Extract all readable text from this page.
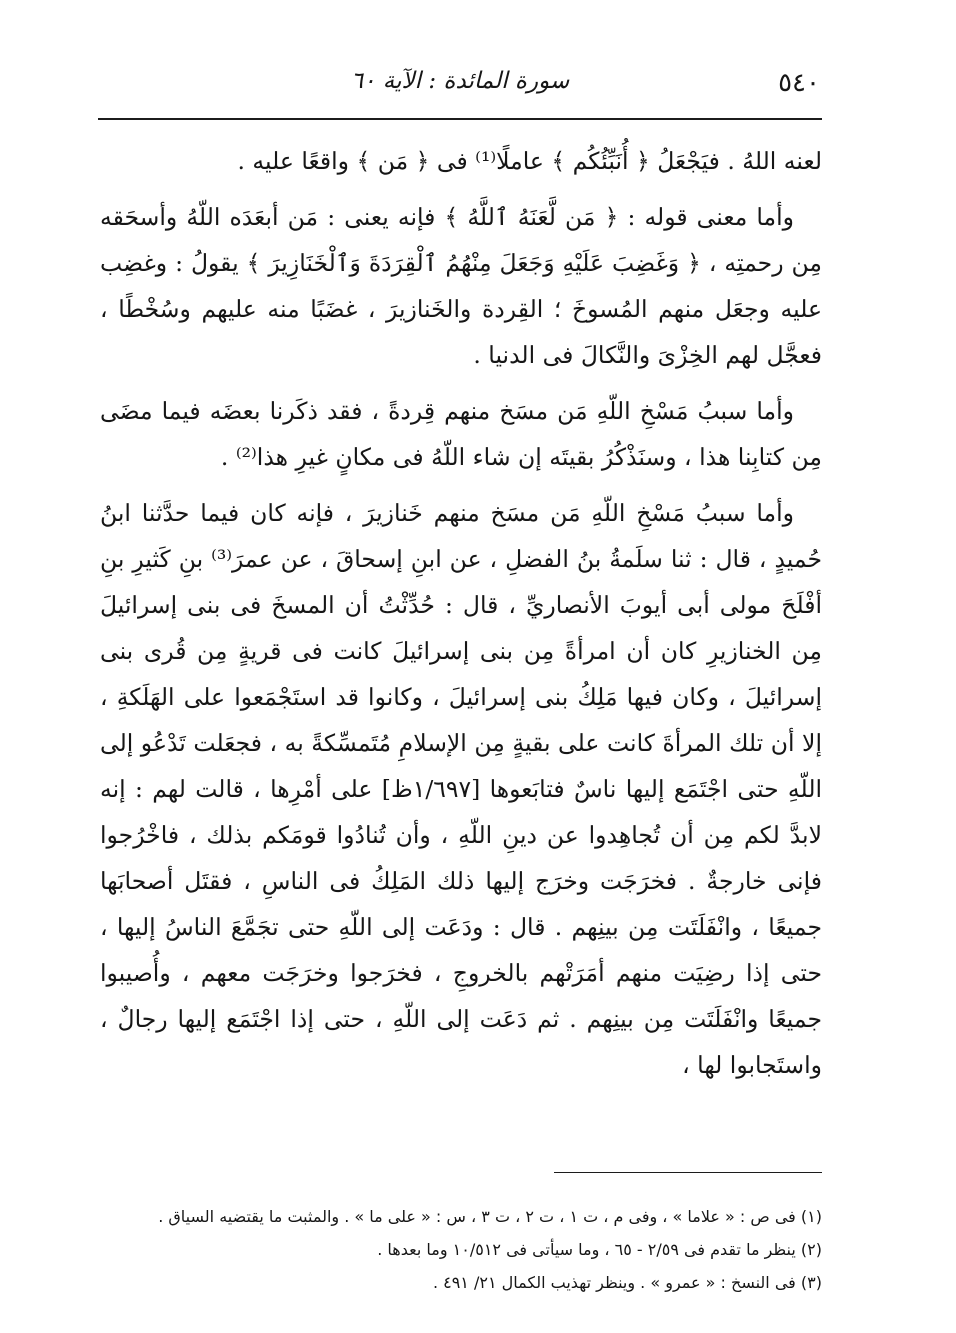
٥٤٠
سورة المائدة : الآية ٦٠

لعنه اللهُ . فيَجْعَلُ ﴿ أُنَبِّئُكُم ﴾ عاملًا⁽¹⁾ فى ﴿ مَن ﴾ واقعًا عليه .

وأما معنى قوله : ﴿ مَن لَّعَنَهُ ٱللَّهُ ﴾ فإنه يعنى : مَن أبعَدَه اللّهُ وأسحَقه مِن رحمتِه ، ﴿ وَغَضِبَ عَلَيْهِ وَجَعَلَ مِنْهُمُ ٱلْقِرَدَةَ وَٱلْخَنَازِيرَ ﴾ يقولُ : وغضِب عليه وجعَل منهم المُسوخَ ؛ القِردة والخَنازيرَ ، غضَبًا منه عليهم وسُخْطًا ، فعجَّل لهم الخِزْىَ والنَّكالَ فى الدنيا .

وأما سببُ مَسْخِ اللّهِ مَن مسَخ منهم قِردةً ، فقد ذكَرنا بعضَه فيما مضَى مِن كتابِنا هذا ، وسنَذْكُرُ بقيتَه إن شاء اللّهُ فى مكانٍ غيرِ هذا⁽²⁾ .

وأما سببُ مَسْخِ اللّهِ مَن مسَخ منهم خَنازيرَ ، فإنه كان فيما حدَّثنا ابنُ حُميدٍ ، قال : ثنا سلَمةُ بنُ الفضلِ ، عن ابنِ إسحاقَ ، عن عمرَ⁽³⁾ بنِ كَثيرِ بنِ أفْلَحَ مولى أبى أيوبَ الأنصاريِّ ، قال : حُدِّثْتُ أن المسخَ فى بنى إسرائيلَ مِن الخنازيرِ كان أن امرأةً مِن بنى إسرائيلَ كانت فى قريةٍ مِن قُرى بنى إسرائيلَ ، وكان فيها مَلِكُ بنى إسرائيلَ ، وكانوا قد استَجْمَعوا على الهَلَكةِ ، إلا أن تلك المرأةَ كانت على بقيةٍ مِن الإسلامِ مُتَمسِّكةً به ، فجعَلت تَدْعُو إلى اللّهِ حتى اجْتَمَع إليها ناسٌ فتابَعوها [١/٦٩٧ظ] على أمْرِها ، قالت لهم : إنه لابدَّ لكم مِن أن تُجاهِدوا عن دينِ اللّهِ ، وأن تُنادُوا قومَكم بذلك ، فاخْرُجوا فإنى خارجةٌ . فخرَجَت وخرَج إليها ذلك المَلِكُ فى الناسِ ، فقتَل أصحابَها جميعًا ، وانْفَلَتَت مِن بينِهم . قال : ودَعَت إلى اللّهِ حتى تجَمَّعَ الناسُ إليها ، حتى إذا رضِيَت منهم أمَرَتْهم بالخروجِ ، فخرَجوا وخرَجَت معهم ، وأُصيبوا جميعًا وانْفَلَتَت مِن بينِهم . ثم دَعَت إلى اللّهِ ، حتى إذا اجْتَمَع إليها رجالٌ ، واستَجابوا لها ،

(١) فى ص : « علاما » ، وفى م ، ت ١ ، ت ٢ ، ت ٣ ، س : « على ما » . والمثبت ما يقتضيه السياق .
(٢) ينظر ما تقدم فى ٢/٥٩ - ٦٥ ، وما سيأتى فى ١٠/٥١٢ وما بعدها .
(٣) فى النسخ : « عمرو » . وينظر تهذيب الكمال ٢١/ ٤٩١ .
